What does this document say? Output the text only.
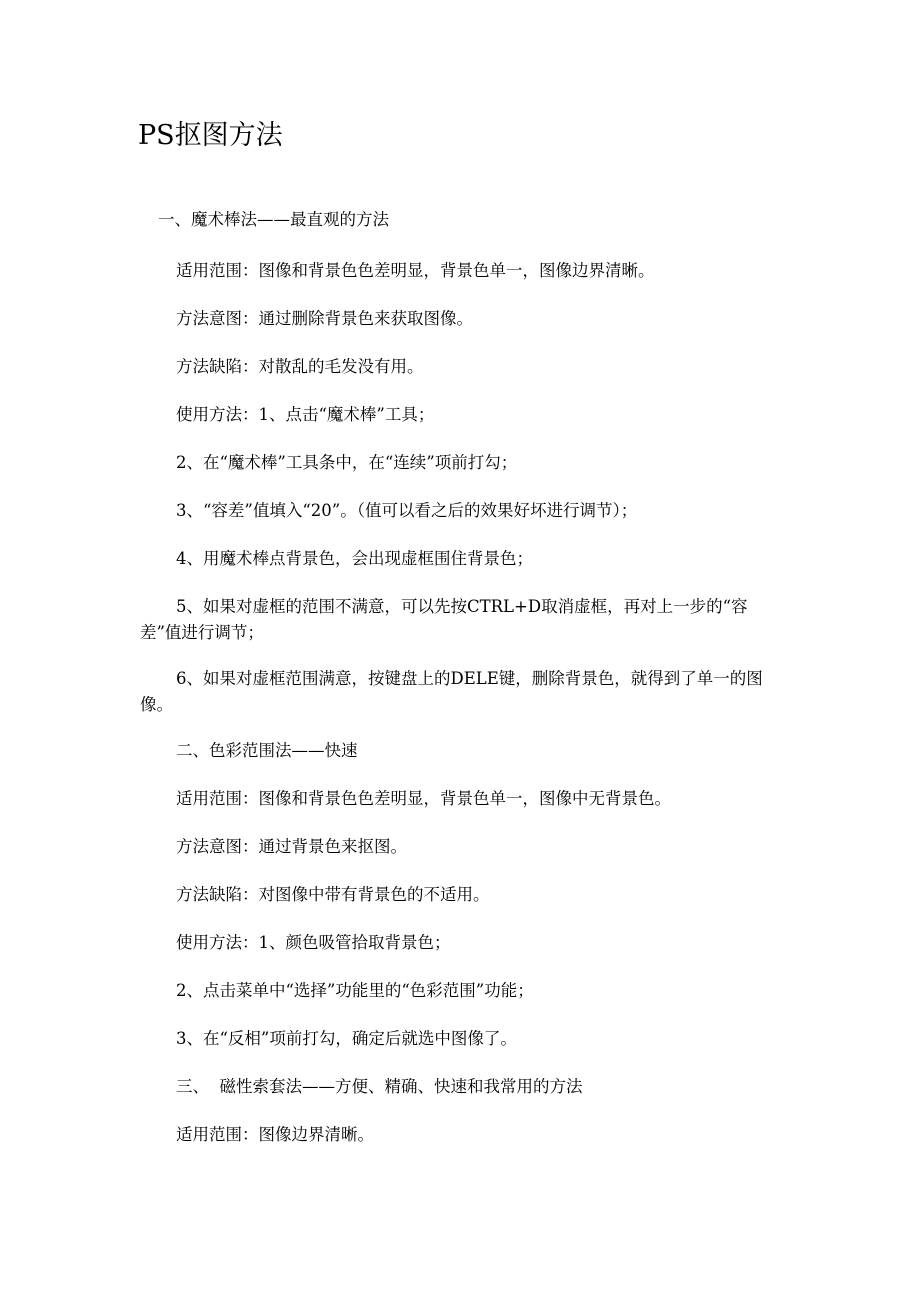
PS抠图方法

一、魔术棒法——最直观的方法

适用范围：图像和背景色色差明显，背景色单一，图像边界清晰。

方法意图：通过删除背景色来获取图像。

方法缺陷：对散乱的毛发没有用。

使用方法：1、点击“魔术棒”工具；

2、在“魔术棒”工具条中，在“连续”项前打勾；

3、“容差”值填入“20”。（值可以看之后的效果好坏进行调节）；

4、用魔术棒点背景色，会出现虚框围住背景色；

5、如果对虚框的范围不满意，可以先按CTRL+D取消虚框，再对上一步的“容差”值进行调节；

6、如果对虚框范围满意，按键盘上的DELE键，删除背景色，就得到了单一的图像。

二、色彩范围法——快速

适用范围：图像和背景色色差明显，背景色单一，图像中无背景色。

方法意图：通过背景色来抠图。

方法缺陷：对图像中带有背景色的不适用。

使用方法：1、颜色吸管拾取背景色；

2、点击菜单中“选择”功能里的“色彩范围”功能；

3、在“反相”项前打勾，确定后就选中图像了。

三、  磁性索套法——方便、精确、快速和我常用的方法

适用范围：图像边界清晰。
